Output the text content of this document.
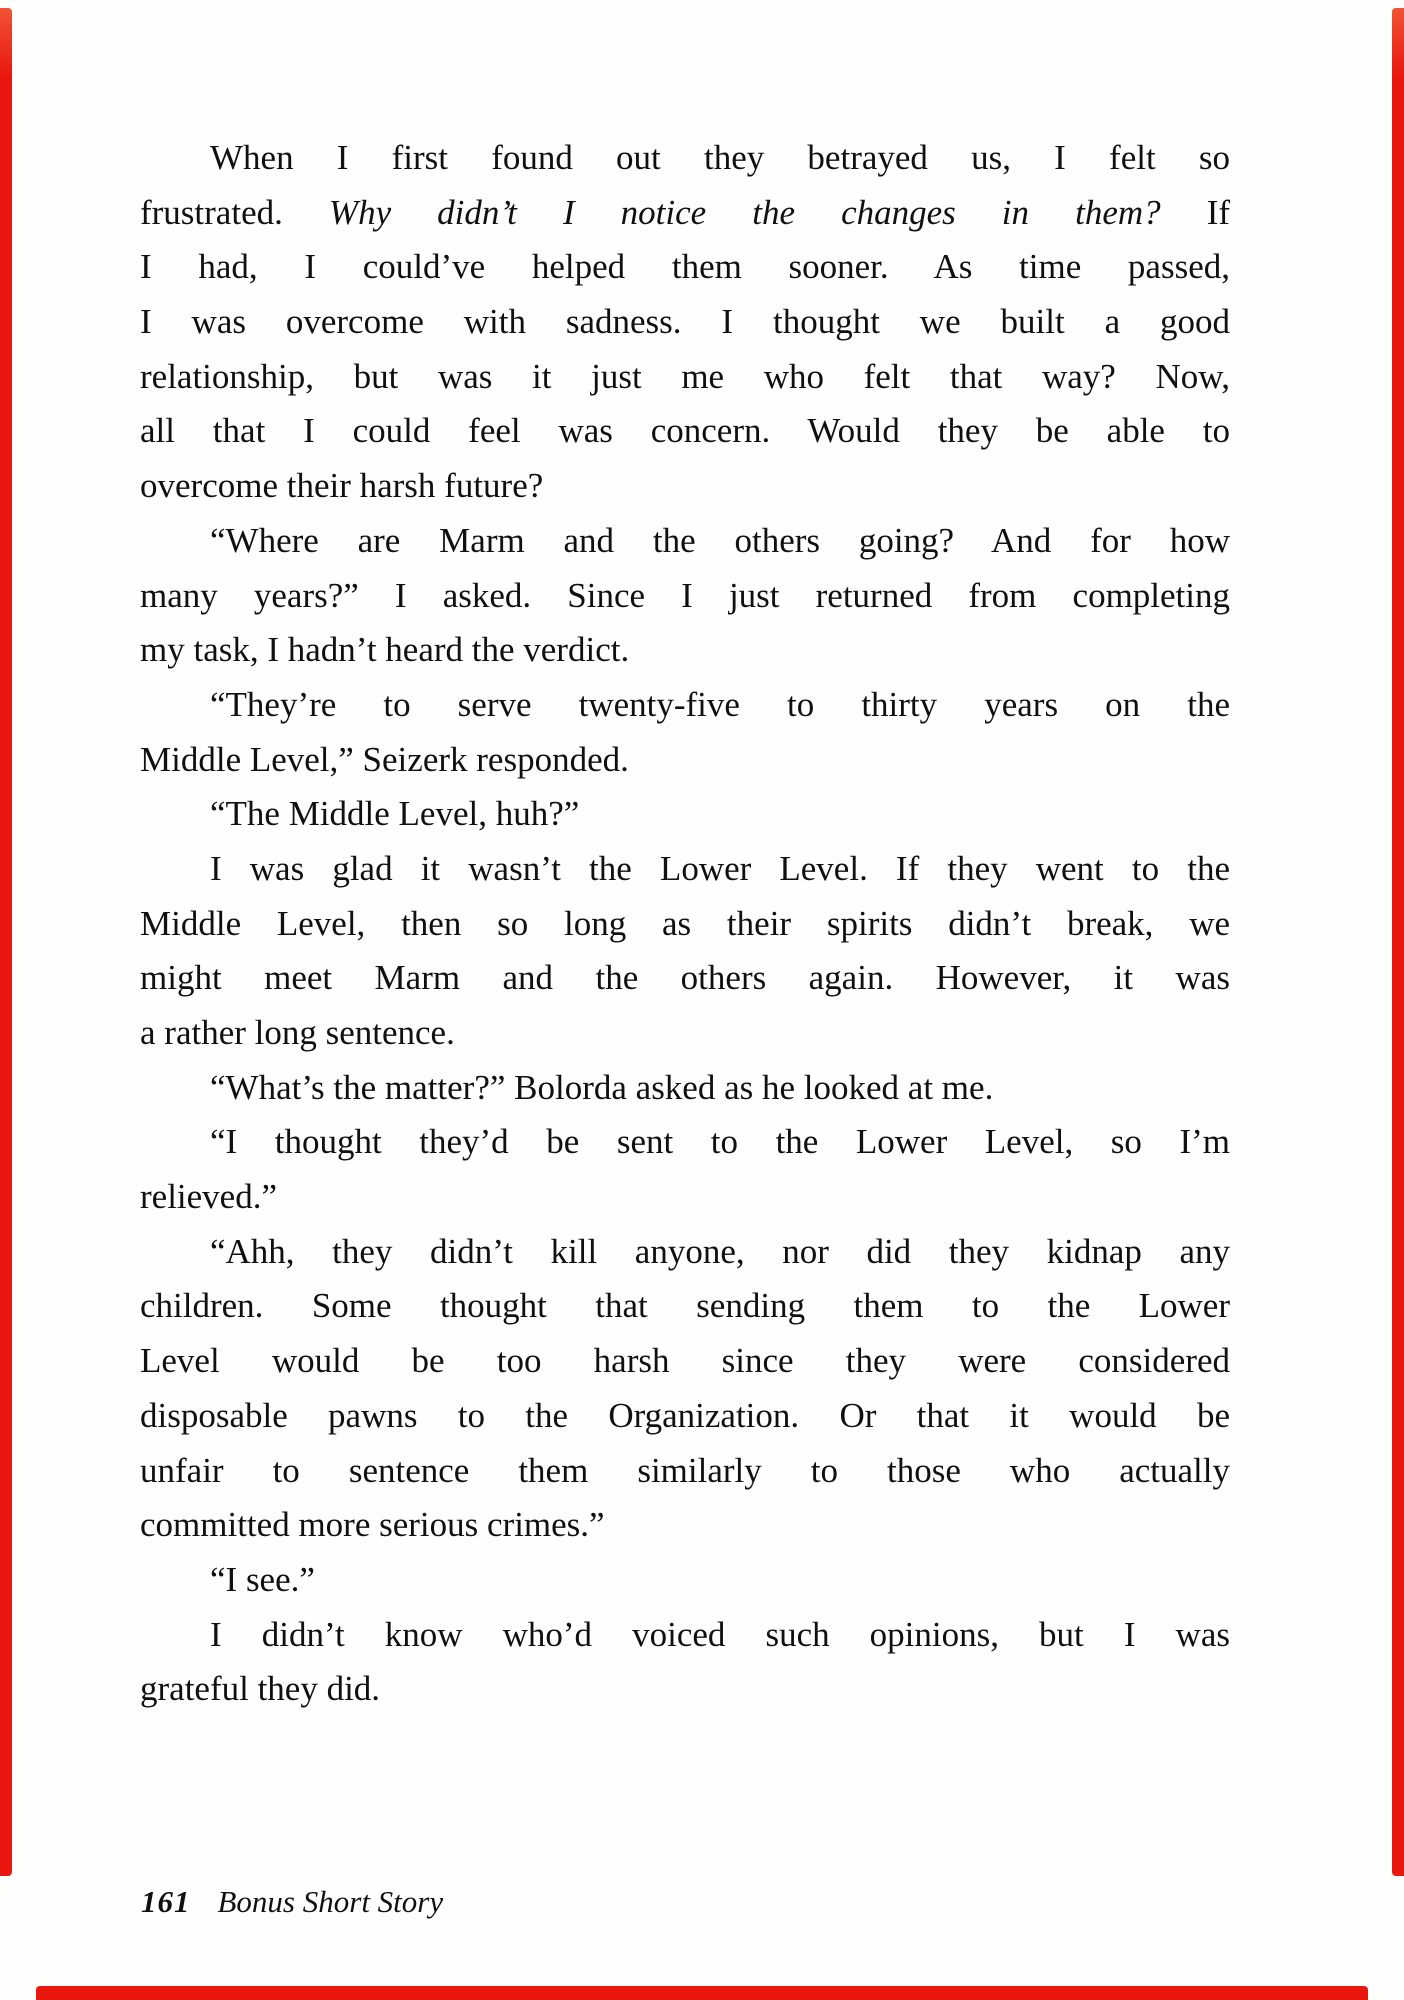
When I first found out they betrayed us, I felt so
frustrated. Why didn’t I notice the changes in them? If
I had, I could’ve helped them sooner. As time passed,
I was overcome with sadness. I thought we built a good
relationship, but was it just me who felt that way? Now,
all that I could feel was concern. Would they be able to
overcome their harsh future?

“Where are Marm and the others going? And for how
many years?” I asked. Since I just returned from completing
my task, I hadn’t heard the verdict.

“They’re to serve twenty-five to thirty years on the
Middle Level,” Seizerk responded.

“The Middle Level, huh?”

I was glad it wasn’t the Lower Level. If they went to the
Middle Level, then so long as their spirits didn’t break, we
might meet Marm and the others again. However, it was
a rather long sentence.

“What’s the matter?” Bolorda asked as he looked at me.

“I thought they’d be sent to the Lower Level, so I’m
relieved.”

“Ahh, they didn’t kill anyone, nor did they kidnap any
children. Some thought that sending them to the Lower
Level would be too harsh since they were considered
disposable pawns to the Organization. Or that it would be
unfair to sentence them similarly to those who actually
committed more serious crimes.”

“I see.”

I didn’t know who’d voiced such opinions, but I was
grateful they did.

161 Bonus Short Story
